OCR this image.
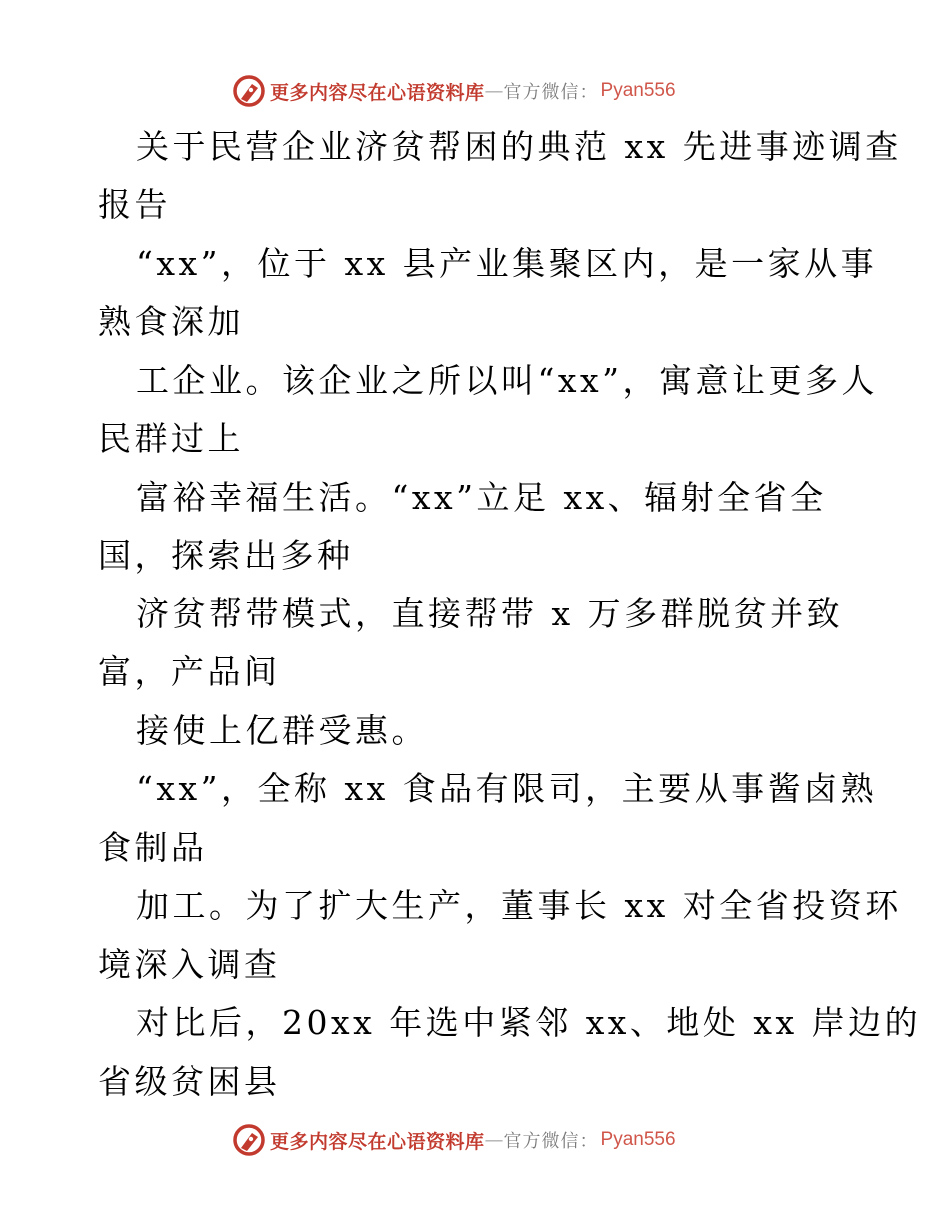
更多内容尽在心语资料库 — 官方微信： Pyan556
关于民营企业济贫帮困的典范 xx 先进事迹调查
报告
“xx”，位于 xx 县产业集聚区内，是一家从事
熟食深加
工企业。该企业之所以叫“xx”，寓意让更多人
民群过上
富裕幸福生活。“xx”立足 xx、辐射全省全
国，探索出多种
济贫帮带模式，直接帮带 x 万多群脱贫并致
富，产品间
接使上亿群受惠。
“xx”，全称 xx 食品有限司，主要从事酱卤熟
食制品
加工。为了扩大生产，董事长 xx 对全省投资环
境深入调查
对比后，20xx 年选中紧邻 xx、地处 xx 岸边的
省级贫困县
更多内容尽在心语资料库 — 官方微信： Pyan556
